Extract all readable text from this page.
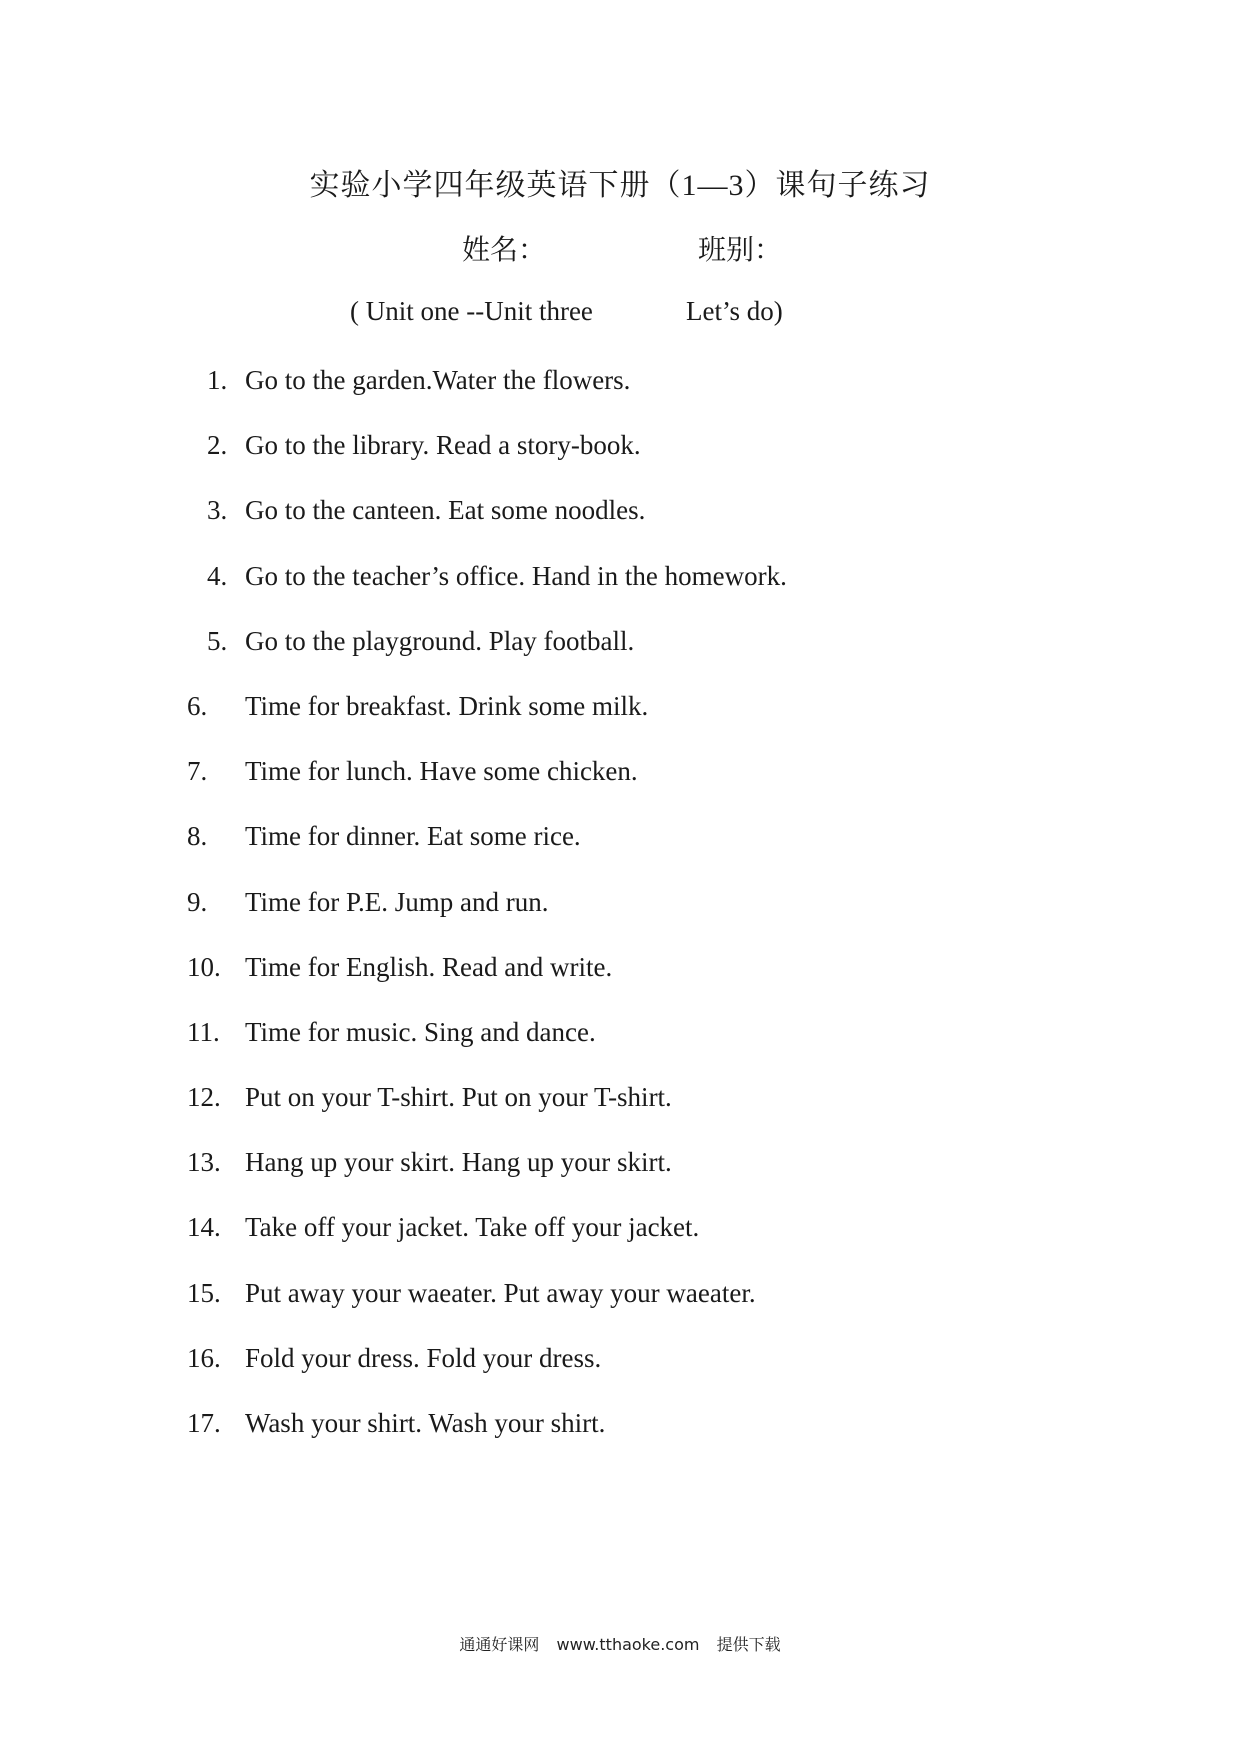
实验小学四年级英语下册（1—3）课句子练习
姓名：	班别：
( Unit one --Unit three	Let’s do)
1. Go to the garden.Water the flowers.
2. Go to the library. Read a story-book.
3. Go to the canteen. Eat some noodles.
4. Go to the teacher’s office. Hand in the homework.
5. Go to the playground. Play football.
6. Time for breakfast. Drink some milk.
7. Time for lunch. Have some chicken.
8. Time for dinner. Eat some rice.
9. Time for P.E. Jump and run.
10. Time for English. Read and write.
11. Time for music. Sing and dance.
12. Put on your T-shirt. Put on your T-shirt.
13. Hang up your skirt. Hang up your skirt.
14. Take off your jacket. Take off your jacket.
15. Put away your waeater. Put away your waeater.
16. Fold your dress. Fold your dress.
17. Wash your shirt. Wash your shirt.
通通好课网 www.tthaoke.com 提供下载
